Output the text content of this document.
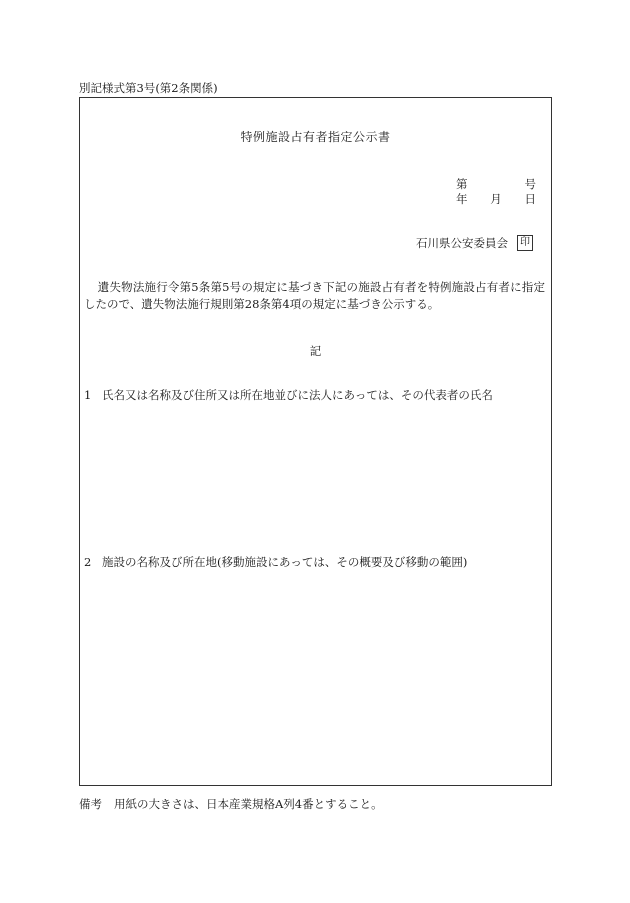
別記様式第3号(第2条関係)
特例施設占有者指定公示書
第	号
年 月 日
石川県公安委員会	印
遺失物法施行令第5条第5号の規定に基づき下記の施設占有者を特例施設占有者に指定したので、遺失物法施行規則第28条第4項の規定に基づき公示する。
記
1 氏名又は名称及び住所又は所在地並びに法人にあっては、その代表者の氏名
2 施設の名称及び所在地(移動施設にあっては、その概要及び移動の範囲)
備考 用紙の大きさは、日本産業規格A列4番とすること。
